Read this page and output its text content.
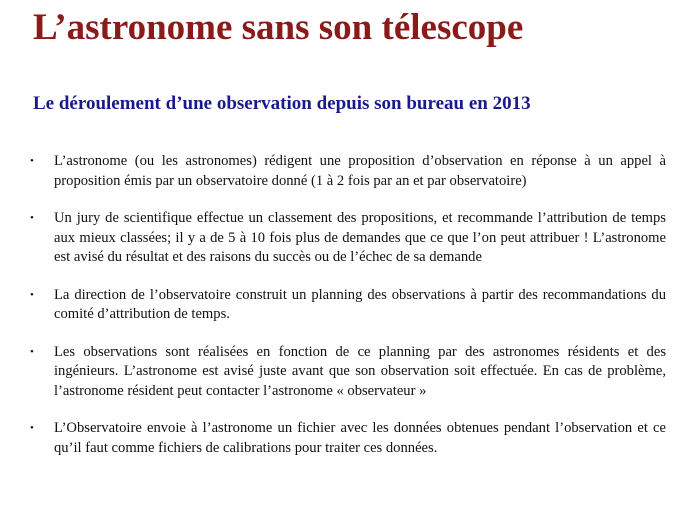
L’astronome sans son télescope
Le déroulement d’une observation depuis son bureau en 2013
•	L’astronome (ou les astronomes) rédigent une proposition d’observation en réponse à un appel à proposition émis par un observatoire donné (1 à 2 fois par an et par observatoire)
•	Un jury de scientifique effectue un classement des propositions, et recommande l’attribution de temps aux mieux classées; il y a de 5 à 10 fois plus de demandes que ce que l’on peut attribuer ! L’astronome est avisé du résultat et des raisons du succès ou de l’échec de sa demande
•	La direction de l’observatoire construit un planning des observations à partir des recommandations du comité d’attribution de temps.
•	Les observations sont réalisées en fonction de ce planning par des astronomes résidents et des ingénieurs. L’astronome est avisé juste avant que son observation soit effectuée. En cas de problème, l’astronome résident peut contacter l’astronome « observateur »
•	L’Observatoire envoie à l’astronome un fichier avec les données obtenues pendant l’observation et ce qu’il faut comme fichiers de calibrations pour traiter ces données.
